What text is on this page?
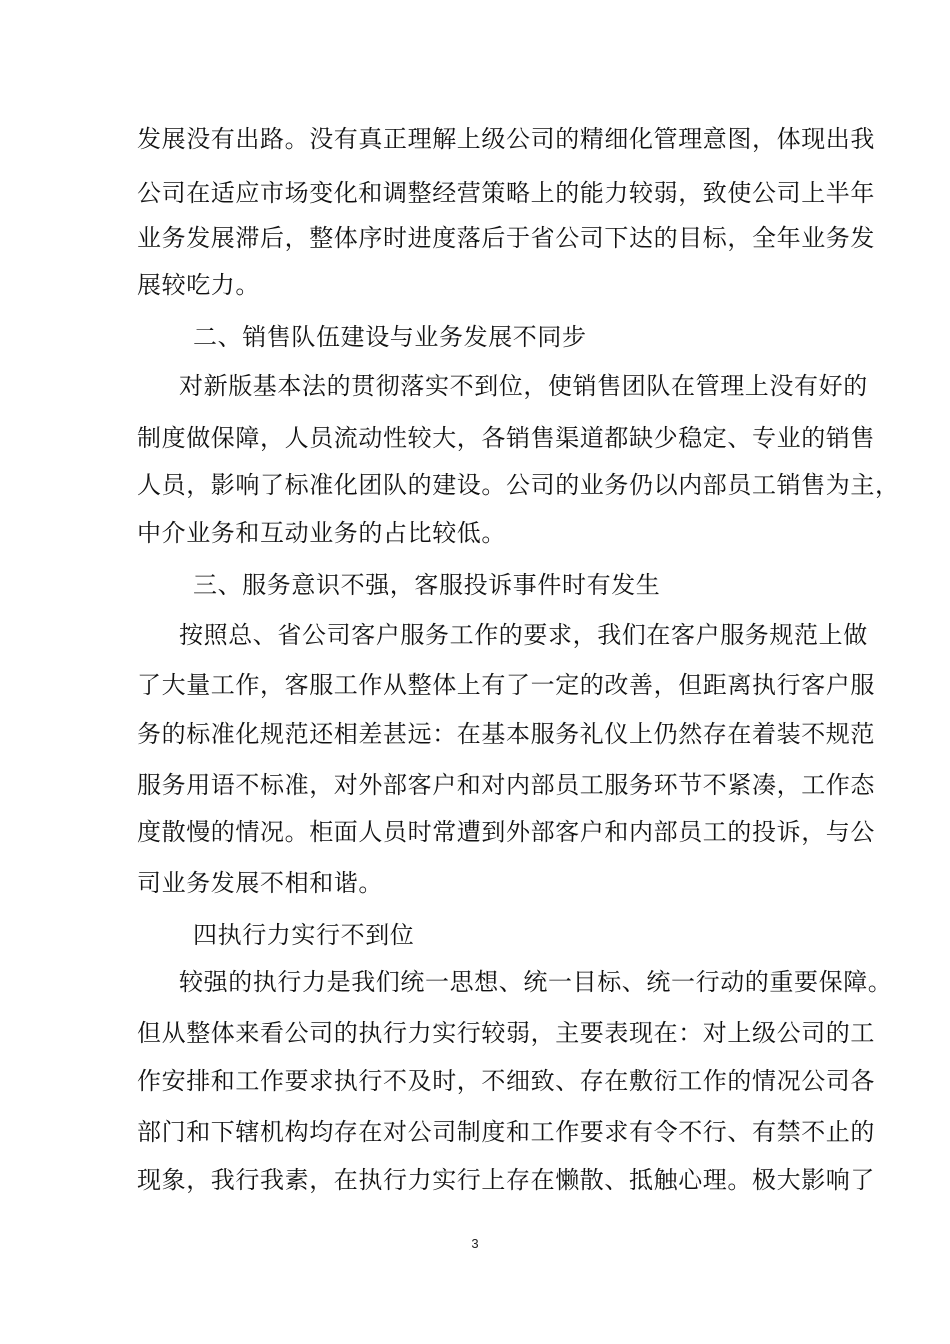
发展没有出路。没有真正理解上级公司的精细化管理意图，体现出我
公司在适应市场变化和调整经营策略上的能力较弱，致使公司上半年
业务发展滞后，整体序时进度落后于省公司下达的目标，全年业务发
展较吃力。
二、销售队伍建设与业务发展不同步
对新版基本法的贯彻落实不到位，使销售团队在管理上没有好的
制度做保障，人员流动性较大，各销售渠道都缺少稳定、专业的销售
人员，影响了标准化团队的建设。公司的业务仍以内部员工销售为主，
中介业务和互动业务的占比较低。
三、服务意识不强，客服投诉事件时有发生
按照总、省公司客户服务工作的要求，我们在客户服务规范上做
了大量工作，客服工作从整体上有了一定的改善，但距离执行客户服
务的标准化规范还相差甚远：在基本服务礼仪上仍然存在着装不规范
服务用语不标准，对外部客户和对内部员工服务环节不紧凑，工作态
度散慢的情况。柜面人员时常遭到外部客户和内部员工的投诉，与公
司业务发展不相和谐。
四执行力实行不到位
较强的执行力是我们统一思想、统一目标、统一行动的重要保障。
但从整体来看公司的执行力实行较弱，主要表现在：对上级公司的工
作安排和工作要求执行不及时，不细致、存在敷衍工作的情况公司各
部门和下辖机构均存在对公司制度和工作要求有令不行、有禁不止的
现象，我行我素，在执行力实行上存在懒散、抵触心理。极大影响了
3
